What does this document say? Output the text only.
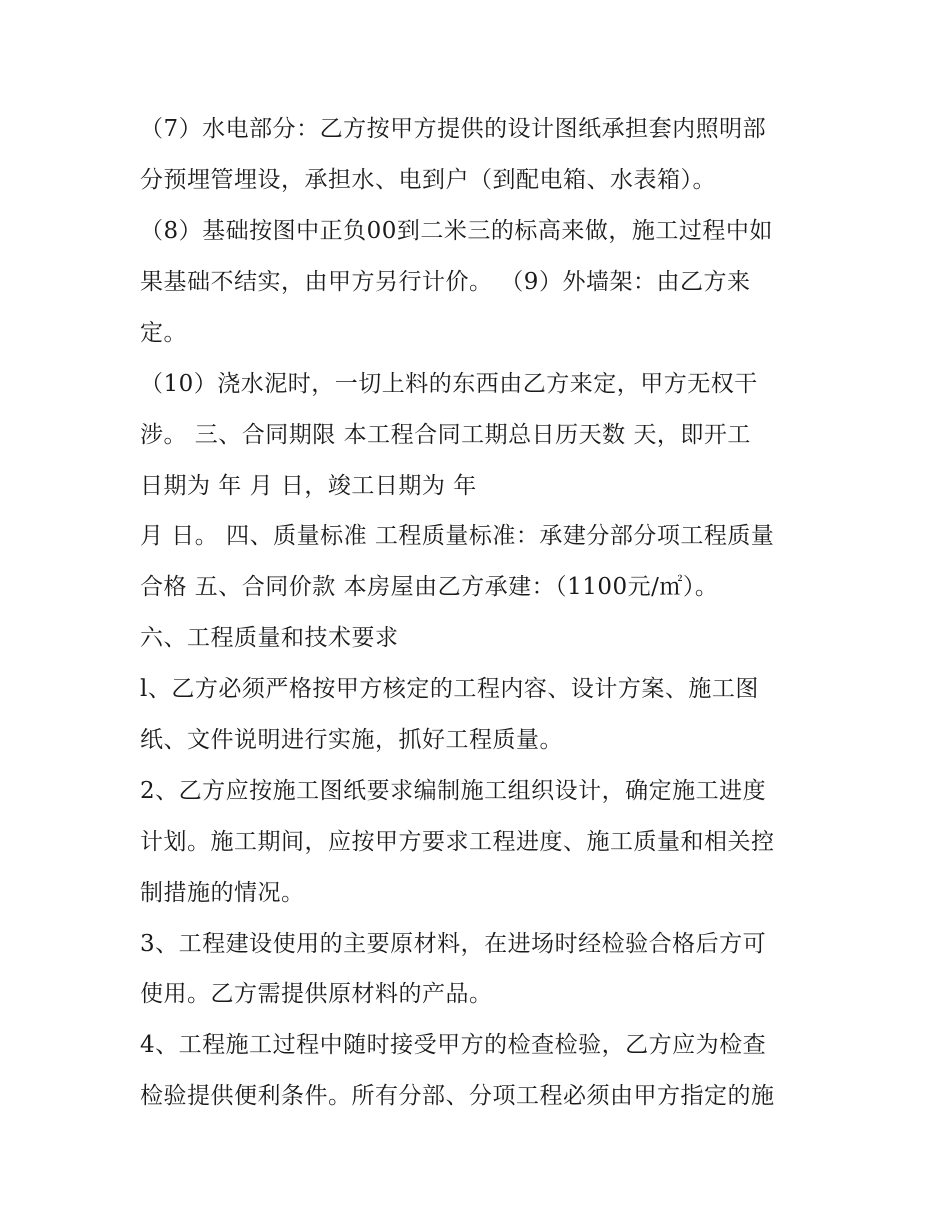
（7）水电部分：乙方按甲方提供的设计图纸承担套内照明部
分预埋管埋设，承担水、电到户（到配电箱、水表箱）。
（8）基础按图中正负00到二米三的标高来做，施工过程中如
果基础不结实，由甲方另行计价。 （9）外墙架：由乙方来
定。
（10）浇水泥时，一切上料的东西由乙方来定，甲方无权干
涉。 三、合同期限 本工程合同工期总日历天数 天，即开工
日期为 年 月 日，竣工日期为 年
月 日。 四、质量标准 工程质量标准：承建分部分项工程质量
合格 五、合同价款 本房屋由乙方承建：（1100元/㎡）。
六、工程质量和技术要求
l、乙方必须严格按甲方核定的工程内容、设计方案、施工图
纸、文件说明进行实施，抓好工程质量。
2、乙方应按施工图纸要求编制施工组织设计，确定施工进度
计划。施工期间，应按甲方要求工程进度、施工质量和相关控
制措施的情况。
3、工程建设使用的主要原材料，在进场时经检验合格后方可
使用。乙方需提供原材料的产品。
4、工程施工过程中随时接受甲方的检查检验，乙方应为检查
检验提供便利条件。所有分部、分项工程必须由甲方指定的施
